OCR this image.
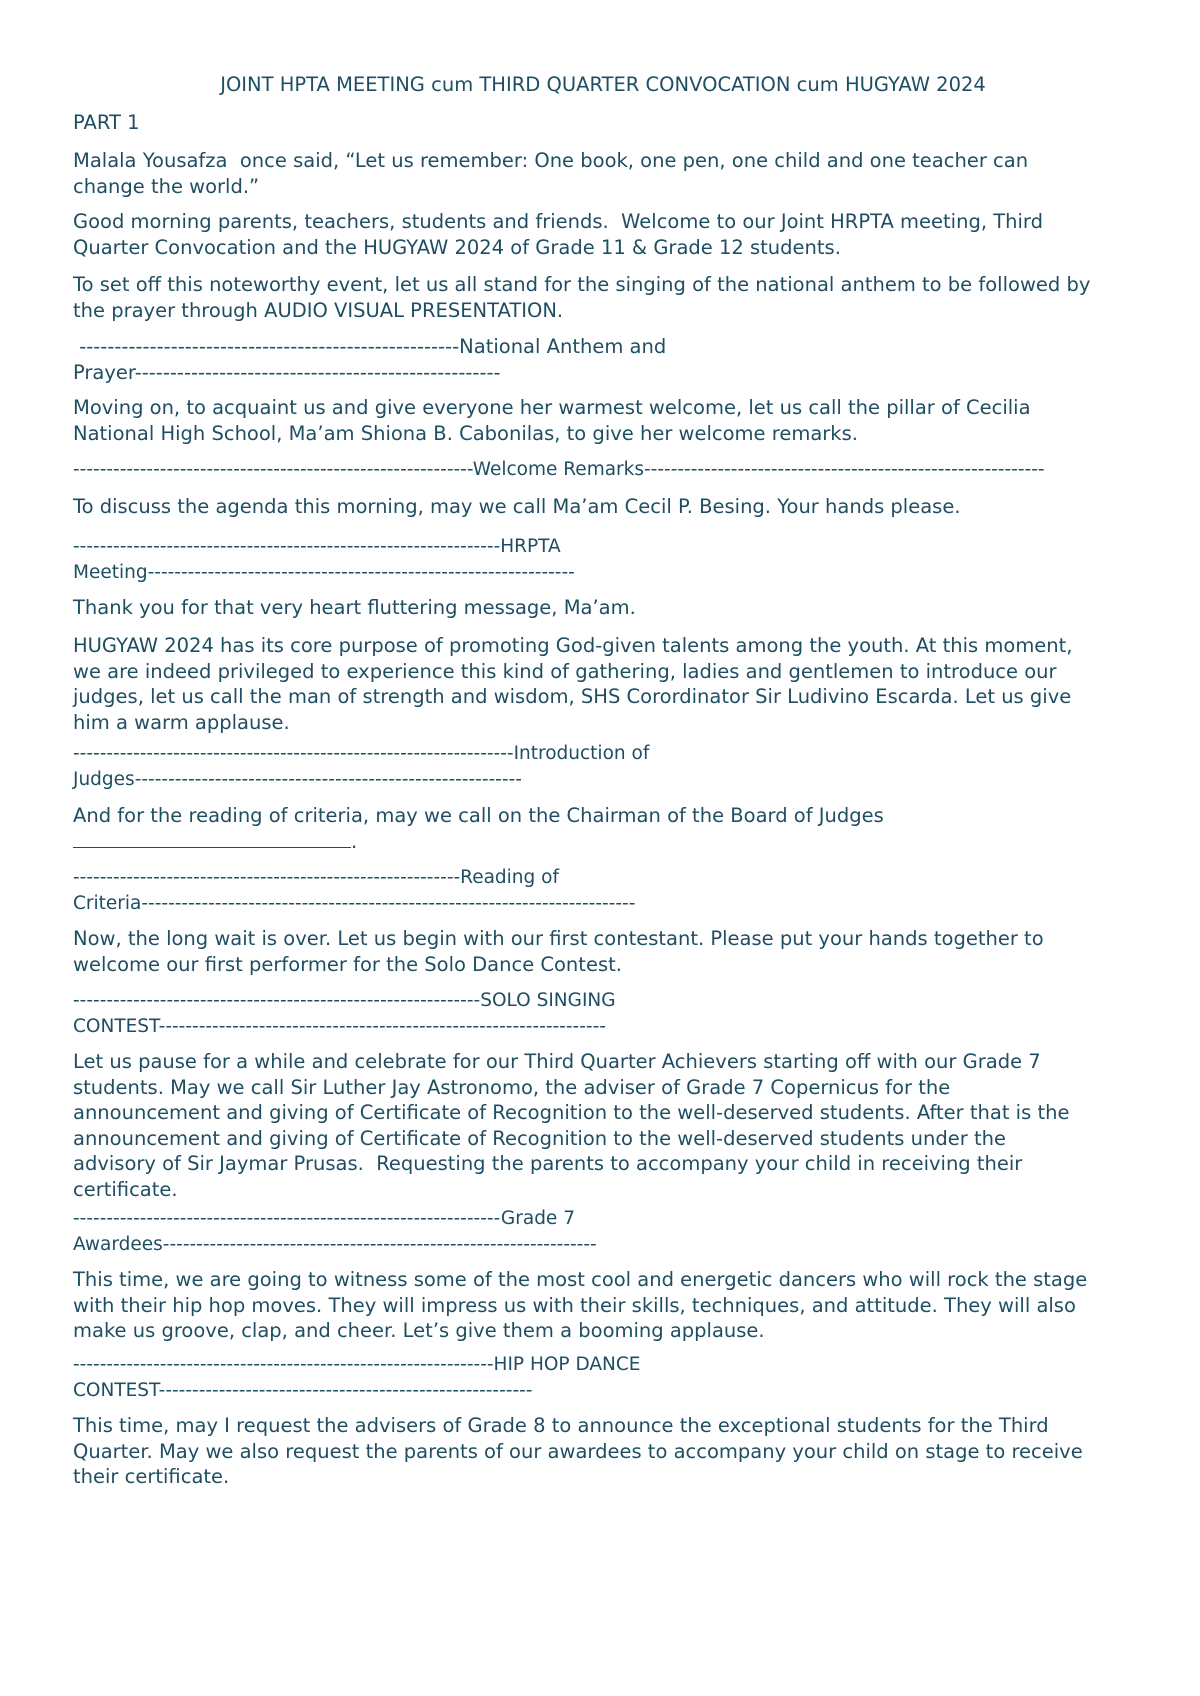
JOINT HPTA MEETING cum THIRD QUARTER CONVOCATION cum HUGYAW 2024
PART 1
Malala Yousafza  once said, “Let us remember: One book, one pen, one child and one teacher can
change the world.”
Good morning parents, teachers, students and friends.  Welcome to our Joint HRPTA meeting, Third
Quarter Convocation and the HUGYAW 2024 of Grade 11 & Grade 12 students.
To set off this noteworthy event, let us all stand for the singing of the national anthem to be followed by
the prayer through AUDIO VISUAL PRESENTATION.
------------------------------------------------------National Anthem and
Prayer----------------------------------------------------
Moving on, to acquaint us and give everyone her warmest welcome, let us call the pillar of Cecilia
National High School, Ma’am Shiona B. Cabonilas, to give her welcome remarks.
------------------------------------------------------------Welcome Remarks------------------------------------------------------------
To discuss the agenda this morning, may we call Ma’am Cecil P. Besing. Your hands please.
----------------------------------------------------------------HRPTA
Meeting----------------------------------------------------------------
Thank you for that very heart fluttering message, Ma’am.
HUGYAW 2024 has its core purpose of promoting God-given talents among the youth. At this moment,
we are indeed privileged to experience this kind of gathering, ladies and gentlemen to introduce our
judges, let us call the man of strength and wisdom, SHS Corordinator Sir Ludivino Escarda. Let us give
him a warm applause.
------------------------------------------------------------------Introduction of
Judges----------------------------------------------------------
And for the reading of criteria, may we call on the Chairman of the Board of Judges
.
----------------------------------------------------------Reading of
Criteria--------------------------------------------------------------------------
Now, the long wait is over. Let us begin with our first contestant. Please put your hands together to
welcome our first performer for the Solo Dance Contest.
-------------------------------------------------------------SOLO SINGING
CONTEST-------------------------------------------------------------------
Let us pause for a while and celebrate for our Third Quarter Achievers starting off with our Grade 7
students. May we call Sir Luther Jay Astronomo, the adviser of Grade 7 Copernicus for the
announcement and giving of Certificate of Recognition to the well-deserved students. After that is the
announcement and giving of Certificate of Recognition to the well-deserved students under the
advisory of Sir Jaymar Prusas.  Requesting the parents to accompany your child in receiving their
certificate.
----------------------------------------------------------------Grade 7
Awardees-----------------------------------------------------------------
This time, we are going to witness some of the most cool and energetic dancers who will rock the stage
with their hip hop moves. They will impress us with their skills, techniques, and attitude. They will also
make us groove, clap, and cheer. Let’s give them a booming applause.
---------------------------------------------------------------HIP HOP DANCE
CONTEST--------------------------------------------------------
This time, may I request the advisers of Grade 8 to announce the exceptional students for the Third
Quarter. May we also request the parents of our awardees to accompany your child on stage to receive
their certificate.
